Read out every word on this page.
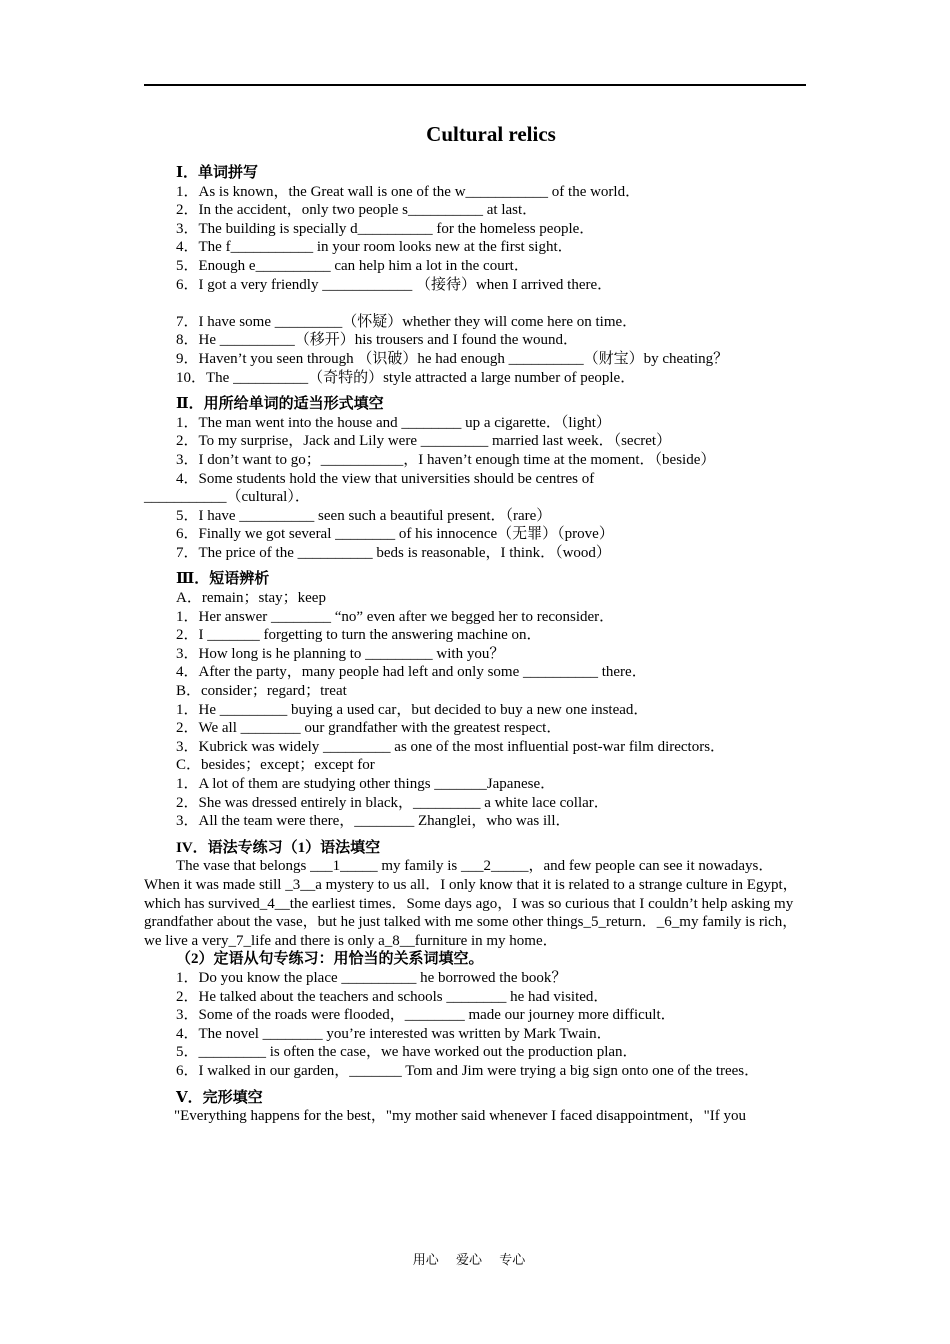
Cultural relics
Ⅰ．单词拼写
1．As is known，the Great wall is one of the w___________ of the world．
2．In the accident，only two people s__________ at last．
3．The building is specially d__________ for the homeless people．
4．The f___________ in your room looks new at the first sight．
5．Enough e__________ can help him a lot in the court．
6．I got a very friendly ____________ （接待）when I arrived there．
7．I have some _________（怀疑）whether they will come here on time．
8．He __________（移开）his trousers and I found the wound．
9．Haven’t you seen through （识破）he had enough __________（财宝）by cheating？
10．The __________（奇特的）style attracted a large number of people．
Ⅱ．用所给单词的适当形式填空
1．The man went into the house and ________ up a cigarette．（light）
2．To my surprise，Jack and Lily were _________ married last week．（secret）
3．I don’t want to go；___________，I haven’t enough time at the moment．（beside）
4．Some students hold the view that universities should be centres of
___________（cultural）．
5．I have __________ seen such a beautiful present．（rare）
6．Finally we got several ________ of his innocence（无罪）（prove）
7．The price of the __________ beds is reasonable，I think．（wood）
Ⅲ．短语辨析
A．remain；stay；keep
1．Her answer ________ “no” even after we begged her to reconsider．
2．I _______ forgetting to turn the answering machine on．
3．How long is he planning to _________ with you？
4．After the party，many people had left and only some __________ there．
B．consider；regard；treat
1．He _________ buying a used car，but decided to buy a new one instead．
2．We all ________ our grandfather with the greatest respect．
3．Kubrick was widely _________ as one of the most influential post-war film directors．
C．besides；except；except for
1．A lot of them are studying other things _______Japanese．
2．She was dressed entirely in black，_________ a white lace collar．
3．All the team were there，________ Zhanglei，who was ill．
IV．语法专练习（1）语法填空
The vase that belongs ___1_____ my family is ___2_____，and few people can see it nowadays．When it was made still _3__a mystery to us all．I only know that it is related to a strange culture in Egypt，which has survived_4__the earliest times．Some days ago，I was so curious that I couldn’t help asking my grandfather about the vase，but he just talked with me some other things_5_return．_6_my family is rich，we live a very_7_life and there is only a_8__furniture in my home．
（2）定语从句专练习：用恰当的关系词填空。
1．Do you know the place __________ he borrowed the book？
2．He talked about the teachers and schools ________ he had visited．
3．Some of the roads were flooded，________ made our journey more difficult．
4．The novel ________ you’re interested was written by Mark Twain．
5．_________ is often the case，we have worked out the production plan．
6．I walked in our garden，_______ Tom and Jim were trying a big sign onto one of the trees．
Ⅴ．完形填空
"Everything happens for the best，"my mother said whenever I faced disappointment，"If you
用心 爱心 专心
